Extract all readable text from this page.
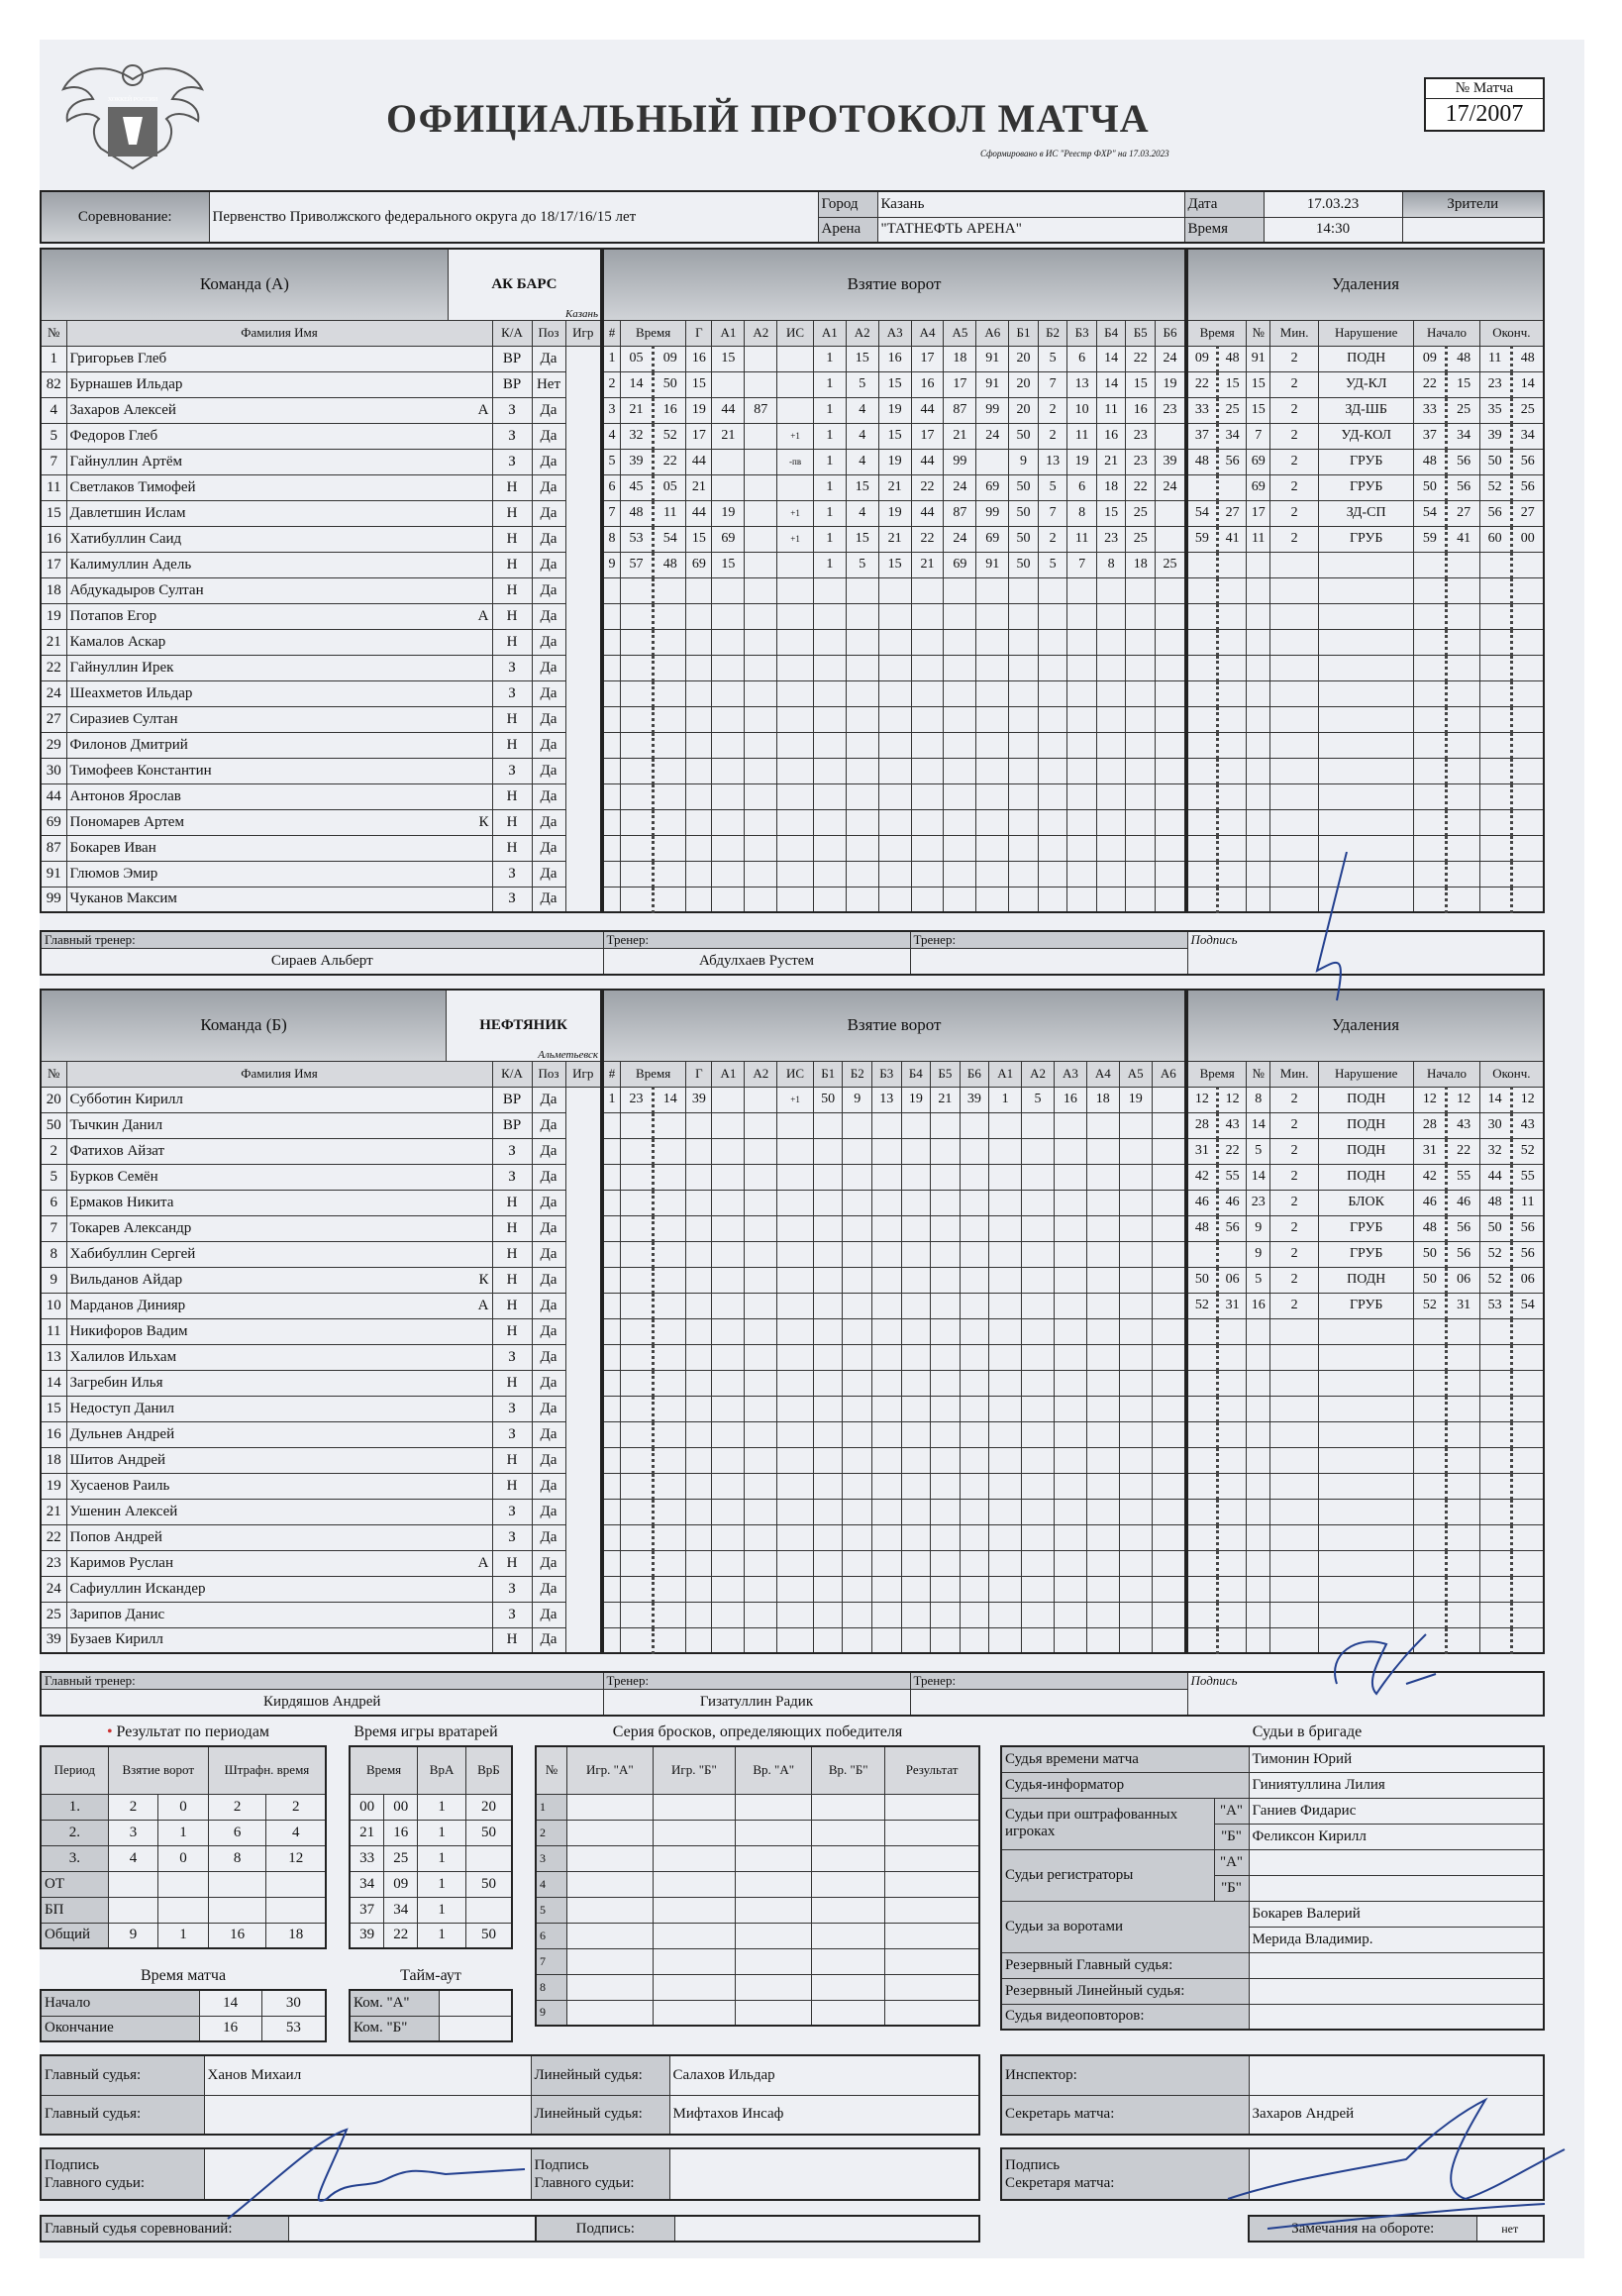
ХОККЕЙ РОССИИ	ОФИЦИАЛЬНЫЙ ПРОТОКОЛ МАТЧА
Сформировано в ИС "Реестр ФХР" на 17.03.2023
№ Матча
17/2007
Соревнование:	Первенство Приволжского федерального округа до 18/17/16/15 лет	Город	Казань	Дата	17.03.23	Зрители
		Арена	"ТАТНЕФТЬ АРЕНА"	Время	14:30	
Команда (А)		АК БАРС
Казань			

№	Фамилия Имя		К/А	Поз	Игр
1	Григорьев Глеб		ВР	Да	
82	Бурнашев Ильдар		ВР	Нет	
4	Захаров Алексей	А	З	Да	
5	Федоров Глеб		З	Да	
7	Гайнуллин Артём		З	Да	
11	Светлаков Тимофей		Н	Да	
15	Давлетшин Ислам		Н	Да	
16	Хатибуллин Саид		Н	Да	
17	Калимуллин Адель		Н	Да	
18	Абдукадыров Султан		Н	Да	
19	Потапов Егор	А	Н	Да	
21	Камалов Аскар		Н	Да	
22	Гайнуллин Ирек		З	Да	
24	Шеахметов Ильдар		З	Да	
27	Сиразиев Султан		Н	Да	
29	Филонов Дмитрий		Н	Да	
30	Тимофеев Константин		З	Да	
44	Антонов Ярослав		Н	Да	
69	Пономарев Артем	К	Н	Да	
87	Бокарев Иван		Н	Да	
91	Глюмов Эмир		З	Да	
99	Чуканов Максим		З	Да	
Взятие ворот																		
#	Время		Г	А1	А2	ИС	А1	А2	А3	А4	А5	А6	Б1	Б2	Б3	Б4	Б5	Б6
1	05	09	16	15			1	15	16	17	18	91	20	5	6	14	22	24
2	14	50	15				1	5	15	16	17	91	20	7	13	14	15	19
3	21	16	19	44	87		1	4	19	44	87	99	20	2	10	11	16	23
4	32	52	17	21		+1	1	4	15	17	21	24	50	2	11	16	23	
5	39	22	44			-пв	1	4	19	44	99		9	13	19	21	23	39
6	45	05	21				1	15	21	22	24	69	50	5	6	18	22	24
7	48	11	44	19		+1	1	4	19	44	87	99	50	7	8	15	25	
8	53	54	15	69		+1	1	15	21	22	24	69	50	2	11	23	25	
9	57	48	69	15			1	5	15	21	69	91	50	5	7	8	18	25

Удаления								
Время		№	Мин.	Нарушение	Начало		Оконч.	
09	48	91	2	ПОДН	09	48	11	48
22	15	15	2	УД-КЛ	22	15	23	14
33	25	15	2	ЗД-ШБ	33	25	35	25
37	34	7	2	УД-КОЛ	37	34	39	34
48	56	69	2	ГРУБ	48	56	50	56
		69	2	ГРУБ	50	56	52	56
54	27	17	2	ЗД-СП	54	27	56	27
59	41	11	2	ГРУБ	59	41	60	00

Главный тренер:	Тренер:	Тренер:	Подпись
Сираев Альберт	Абдулхаев Рустем		
Команда (Б)		НЕФТЯНИК
Альметьевск			

№	Фамилия Имя		К/А	Поз	Игр
20	Субботин Кирилл		ВР	Да	
50	Тычкин Данил		ВР	Да	
2	Фатихов Айзат		З	Да	
5	Бурков Семён		З	Да	
6	Ермаков Никита		Н	Да	
7	Токарев Александр		Н	Да	
8	Хабибуллин Сергей		Н	Да	
9	Вильданов Айдар	К	Н	Да	
10	Марданов Динияр	А	Н	Да	
11	Никифоров Вадим		Н	Да	
13	Халилов Ильхам		З	Да	
14	Загребин Илья		Н	Да	
15	Недоступ Данил		З	Да	
16	Дульнев Андрей		З	Да	
18	Шитов Андрей		Н	Да	
19	Хусаенов Раиль		Н	Да	
21	Ушенин Алексей		З	Да	
22	Попов Андрей		З	Да	
23	Каримов Руслан	А	Н	Да	
24	Сафиуллин Искандер		З	Да	
25	Зарипов Данис		З	Да	
39	Бузаев Кирилл		Н	Да	
Взятие ворот																		
#	Время		Г	А1	А2	ИС	Б1	Б2	Б3	Б4	Б5	Б6	А1	А2	А3	А4	А5	А6
1	23	14	39			+1	50	9	13	19	21	39	1	5	16	18	19	

Удаления								
Время		№	Мин.	Нарушение	Начало		Оконч.	
12	12	8	2	ПОДН	12	12	14	12
28	43	14	2	ПОДН	28	43	30	43
31	22	5	2	ПОДН	31	22	32	52
42	55	14	2	ПОДН	42	55	44	55
46	46	23	2	БЛОК	46	46	48	11
48	56	9	2	ГРУБ	48	56	50	56
		9	2	ГРУБ	50	56	52	56
50	06	5	2	ПОДН	50	06	52	06
52	31	16	2	ГРУБ	52	31	53	54

Главный тренер:	Тренер:	Тренер:	Подпись
Кирдяшов Андрей	Гизатуллин Радик		
• Результат по периодам
Период	Взятие ворот		Штрафн. время	
1.	2	0	2	2
2.	3	1	6	4
3.	4	0	8	12
ОТ				
БП				
Общий	9	1	16	18
Время игры вратарей
Время		ВрА	ВрБ
00	00	1	20
21	16	1	50
33	25	1	
34	09	1	50
37	34	1	
39	22	1	50
Время матча
Начало	14	30
Окончание	16	53
Тайм-аут
Ком. "А"	
Ком. "Б"	
Серия бросков, определяющих победителя
№	Игр. "А"	Игр. "Б"	Вр. "А"	Вр. "Б"	Результат
1					
2					
3					
4					
5					
6					
7					
8					
9					
Судьи в бригаде
Судья времени матча		Тимонин Юрий
Судья-информатор		Гиниятуллина Лилия
Судьи при оштрафованных игроках	"А"	Ганиев Фидарис
	"Б"	Феликсон Кирилл
Судьи регистраторы	"А"	
	"Б"	
Судьи за воротами		Бокарев Валерий
		Мерида Владимир.
Резервный Главный судья:		
Резервный Линейный судья:		
Судья видеоповторов:		
Главный судья:	Ханов Михаил	Линейный судья:	Салахов Ильдар
Главный судья:		Линейный судья:	Мифтахов Инсаф
Инспектор:	
Секретарь матча:	Захаров Андрей
Подпись
Главного судьи:		Подпись
Главного судьи:	
Подпись
Секретаря матча:	
Главный судья соревнований:		Подпись:		Замечания на обороте:	нет
